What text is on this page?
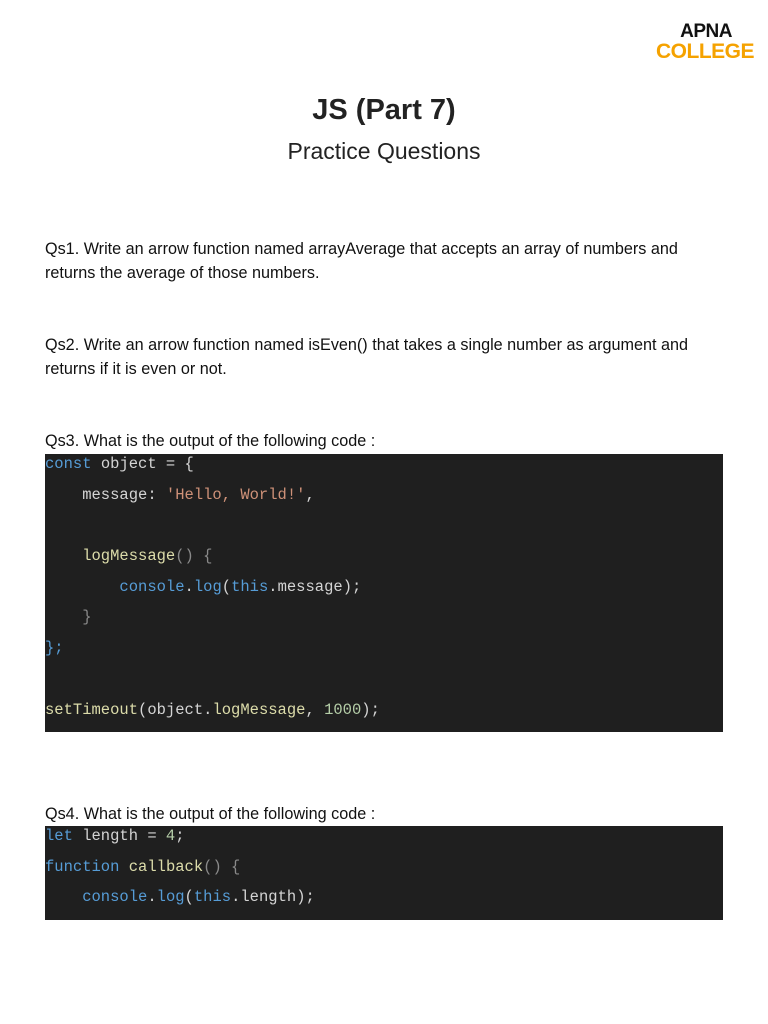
APNA
COLLEGE
JS (Part 7)
Practice Questions
Qs1. Write an arrow function named arrayAverage that accepts an array of numbers and returns the average of those numbers.
Qs2. Write an arrow function named isEven() that takes a single number as argument and returns if it is even or not.
Qs3. What is the output of the following code :
const object = {
message: 'Hello, World!',
logMessage() {
console.log(this.message);
}
};
setTimeout(object.logMessage, 1000);
Qs4. What is the output of the following code :
let length = 4;
function callback() {
console.log(this.length);
